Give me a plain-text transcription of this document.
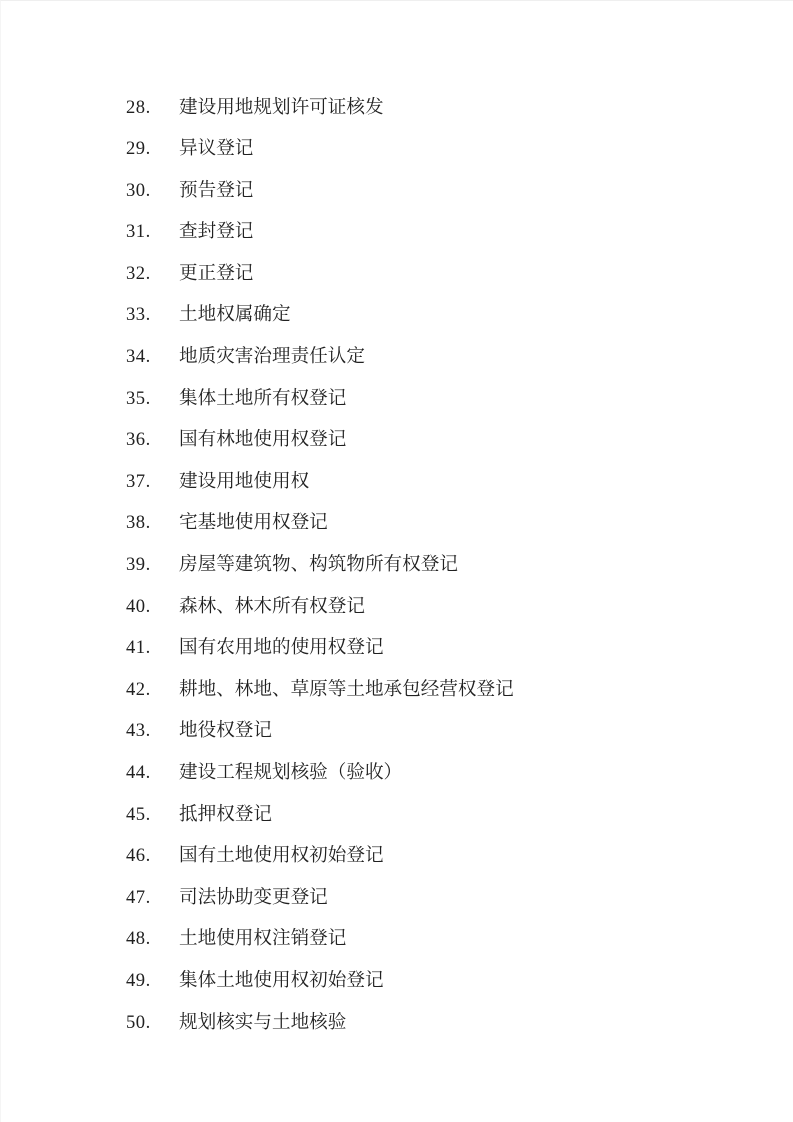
28.	建设用地规划许可证核发
29.	异议登记
30.	预告登记
31.	查封登记
32.	更正登记
33.	土地权属确定
34.	地质灾害治理责任认定
35.	集体土地所有权登记
36.	国有林地使用权登记
37.	建设用地使用权
38.	宅基地使用权登记
39.	房屋等建筑物、构筑物所有权登记
40.	森林、林木所有权登记
41.	国有农用地的使用权登记
42.	耕地、林地、草原等土地承包经营权登记
43.	地役权登记
44.	建设工程规划核验（验收）
45.	抵押权登记
46.	国有土地使用权初始登记
47.	司法协助变更登记
48.	土地使用权注销登记
49.	集体土地使用权初始登记
50.	规划核实与土地核验
